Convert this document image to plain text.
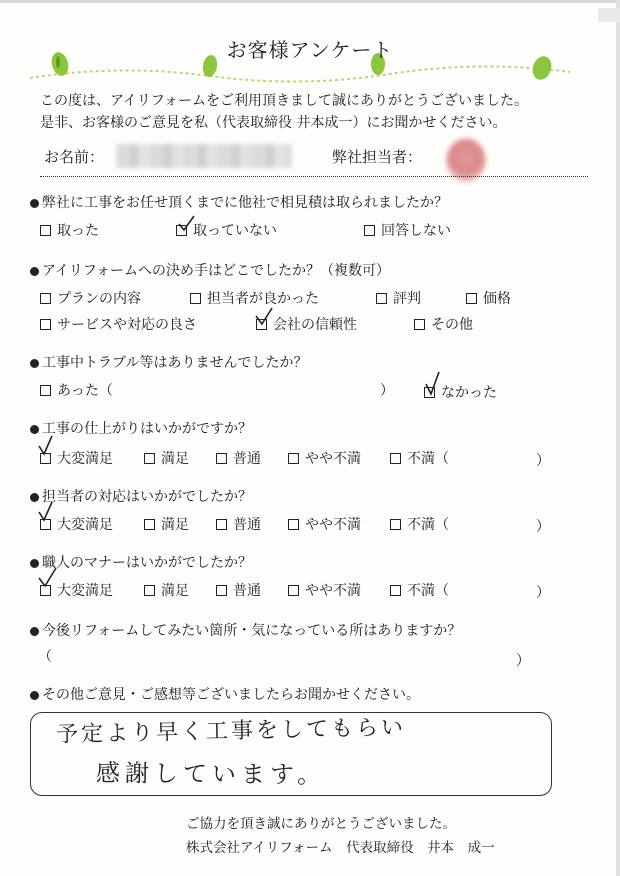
お客様アンケート
この度は、アイリフォームをご利用頂きまして誠にありがとうございました。
是非、お客様のご意見を私（代表取締役 井本成一）にお聞かせください。
お名前：	弊社担当者：
弊社に工事をお任せ頂くまでに他社で相見積は取られましたか？
取った	取っていない	回答しない
アイリフォームへの決め手はどこでしたか？（複数可）
プランの内容	担当者が良かった	評判	価格
サービスや対応の良さ	会社の信頼性	その他
工事中トラブル等はありませんでしたか？
あった（	）	なかった
工事の仕上がりはいかがですか？
大変満足	満足	普通	やや不満	不満（	）
担当者の対応はいかがでしたか？
大変満足	満足	普通	やや不満	不満（	）
職人のマナーはいかがでしたか？
大変満足	満足	普通	やや不満	不満（	）
今後リフォームしてみたい箇所・気になっている所はありますか？
（	）
その他ご意見・ご感想等ございましたらお聞かせください。
予定より早く工事をしてもらい
感謝しています。
ご協力を頂き誠にありがとうございました。
株式会社アイリフォーム　代表取締役　井本　成一
